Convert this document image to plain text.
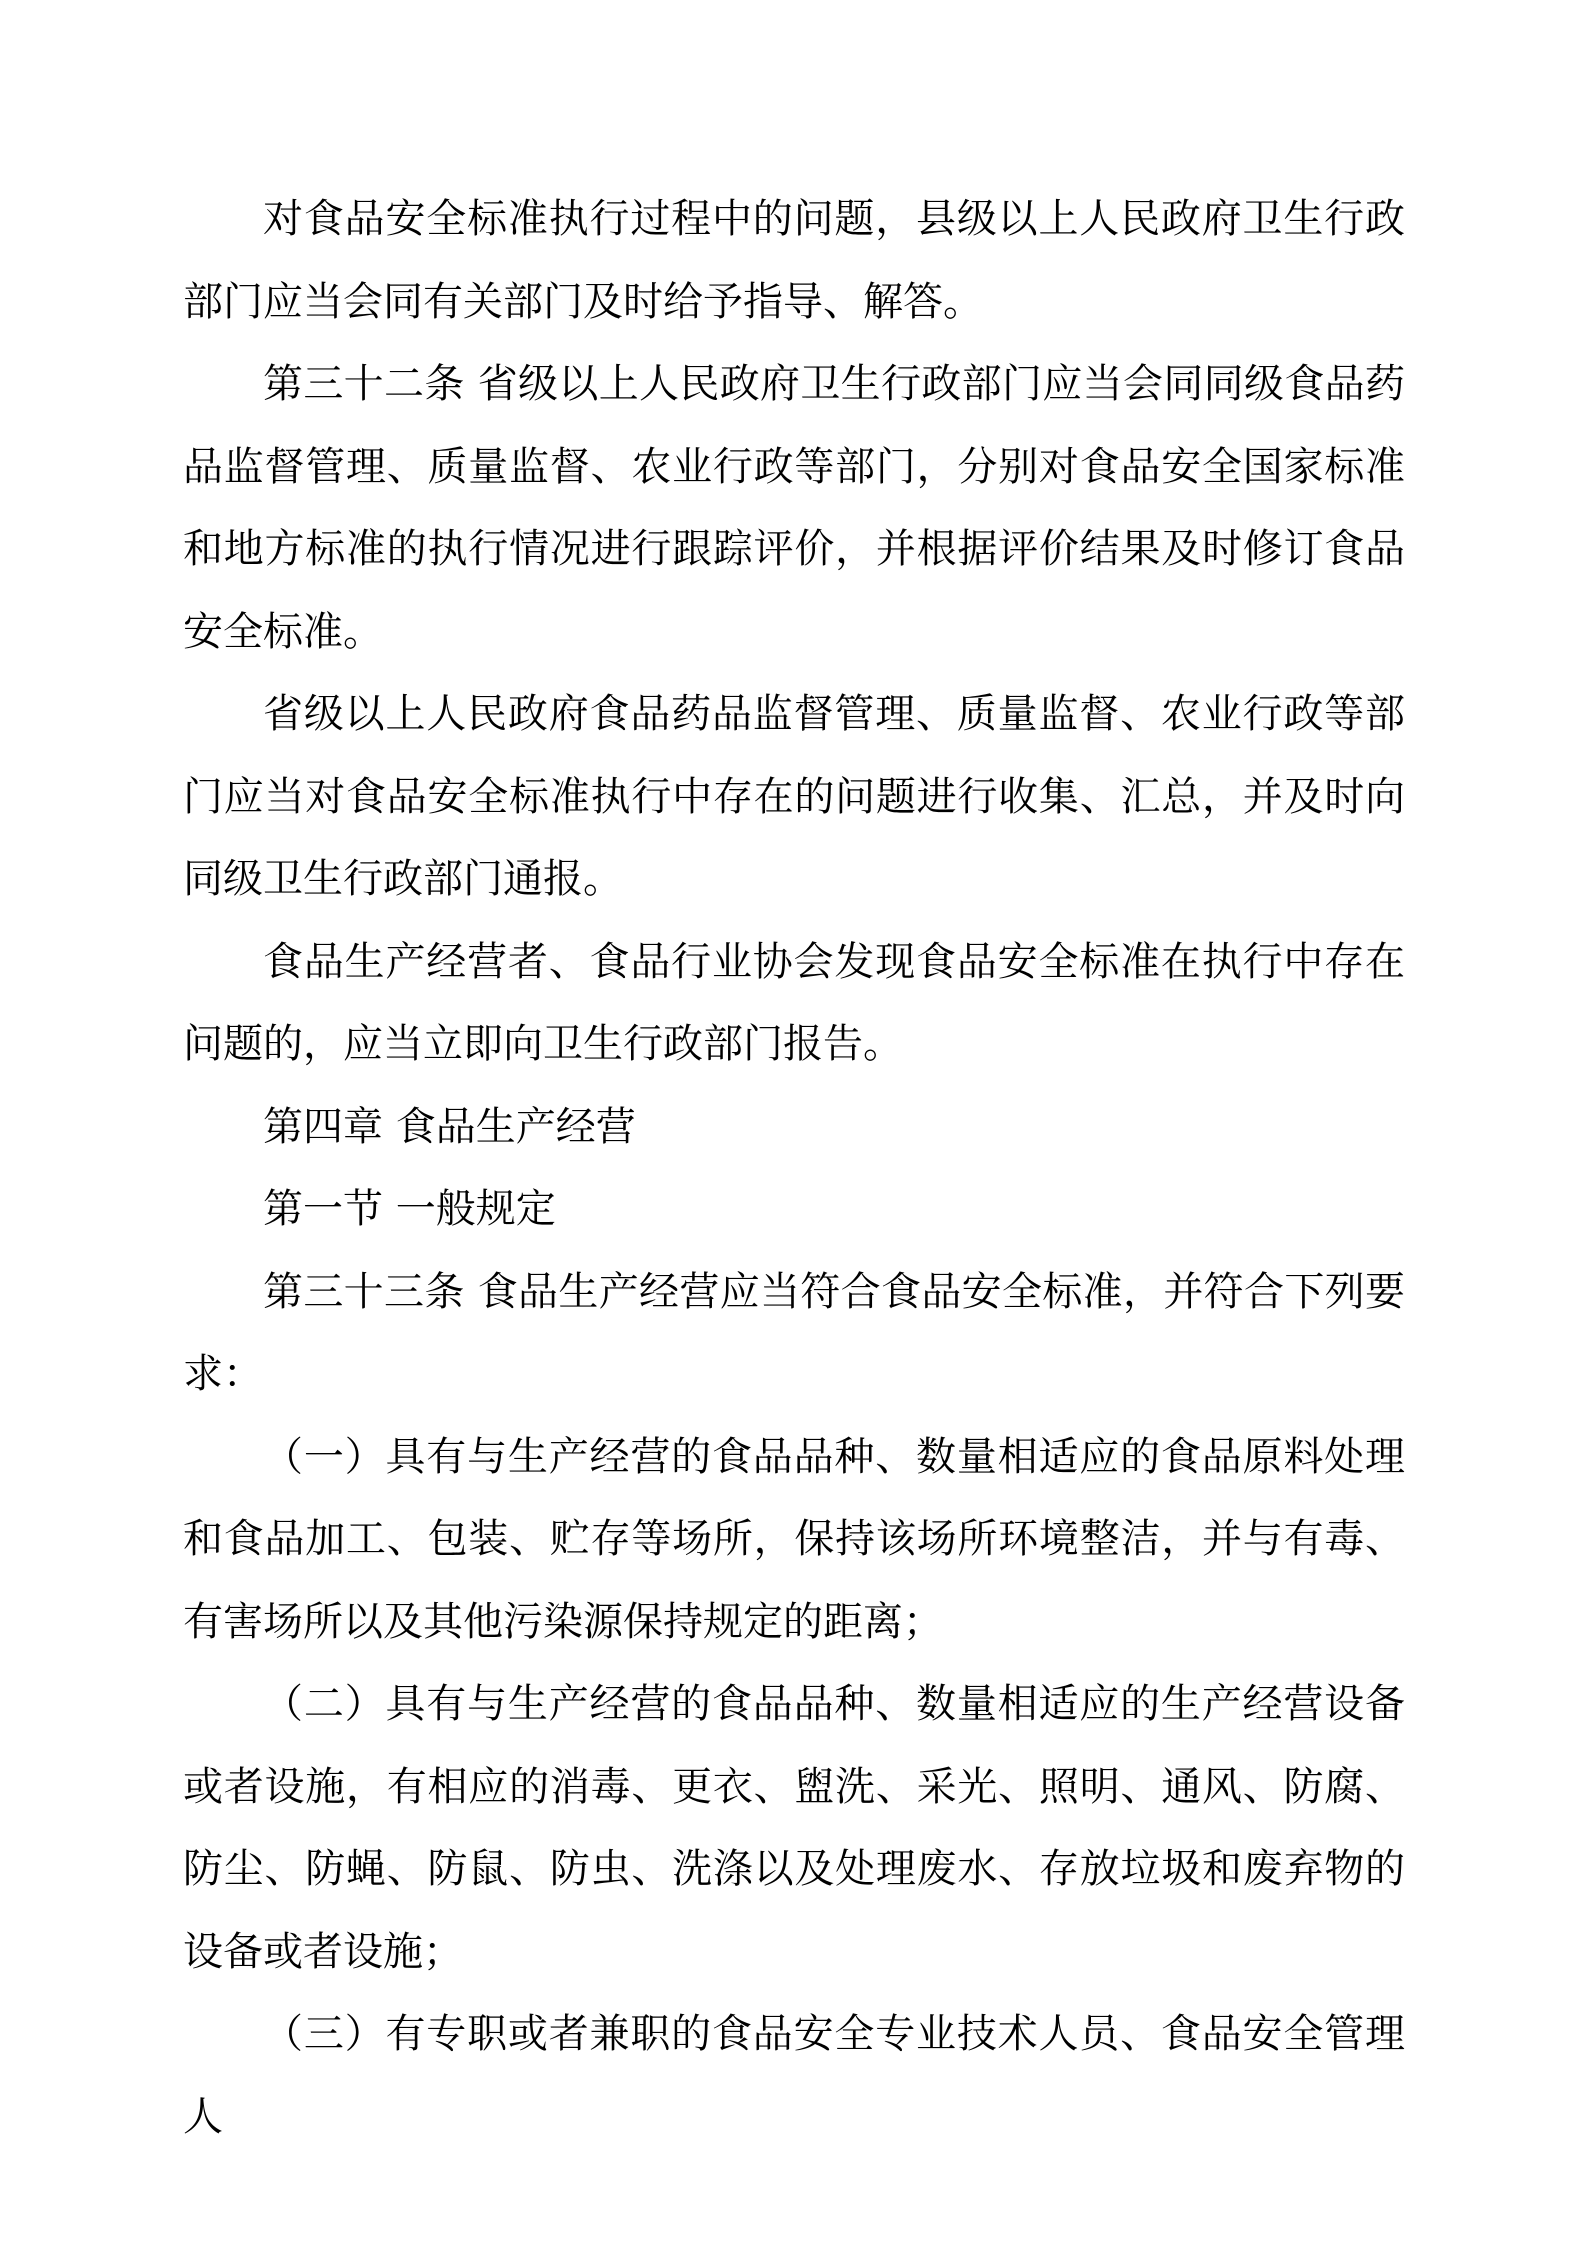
对食品安全标准执行过程中的问题，县级以上人民政府卫生行政部门应当会同有关部门及时给予指导、解答。

第三十二条 省级以上人民政府卫生行政部门应当会同同级食品药品监督管理、质量监督、农业行政等部门，分别对食品安全国家标准和地方标准的执行情况进行跟踪评价，并根据评价结果及时修订食品安全标准。

省级以上人民政府食品药品监督管理、质量监督、农业行政等部门应当对食品安全标准执行中存在的问题进行收集、汇总，并及时向同级卫生行政部门通报。

食品生产经营者、食品行业协会发现食品安全标准在执行中存在问题的，应当立即向卫生行政部门报告。

第四章 食品生产经营

第一节 一般规定

第三十三条 食品生产经营应当符合食品安全标准，并符合下列要求：

（一）具有与生产经营的食品品种、数量相适应的食品原料处理和食品加工、包装、贮存等场所，保持该场所环境整洁，并与有毒、有害场所以及其他污染源保持规定的距离；

（二）具有与生产经营的食品品种、数量相适应的生产经营设备或者设施，有相应的消毒、更衣、盥洗、采光、照明、通风、防腐、防尘、防蝇、防鼠、防虫、洗涤以及处理废水、存放垃圾和废弃物的设备或者设施；

（三）有专职或者兼职的食品安全专业技术人员、食品安全管理人
